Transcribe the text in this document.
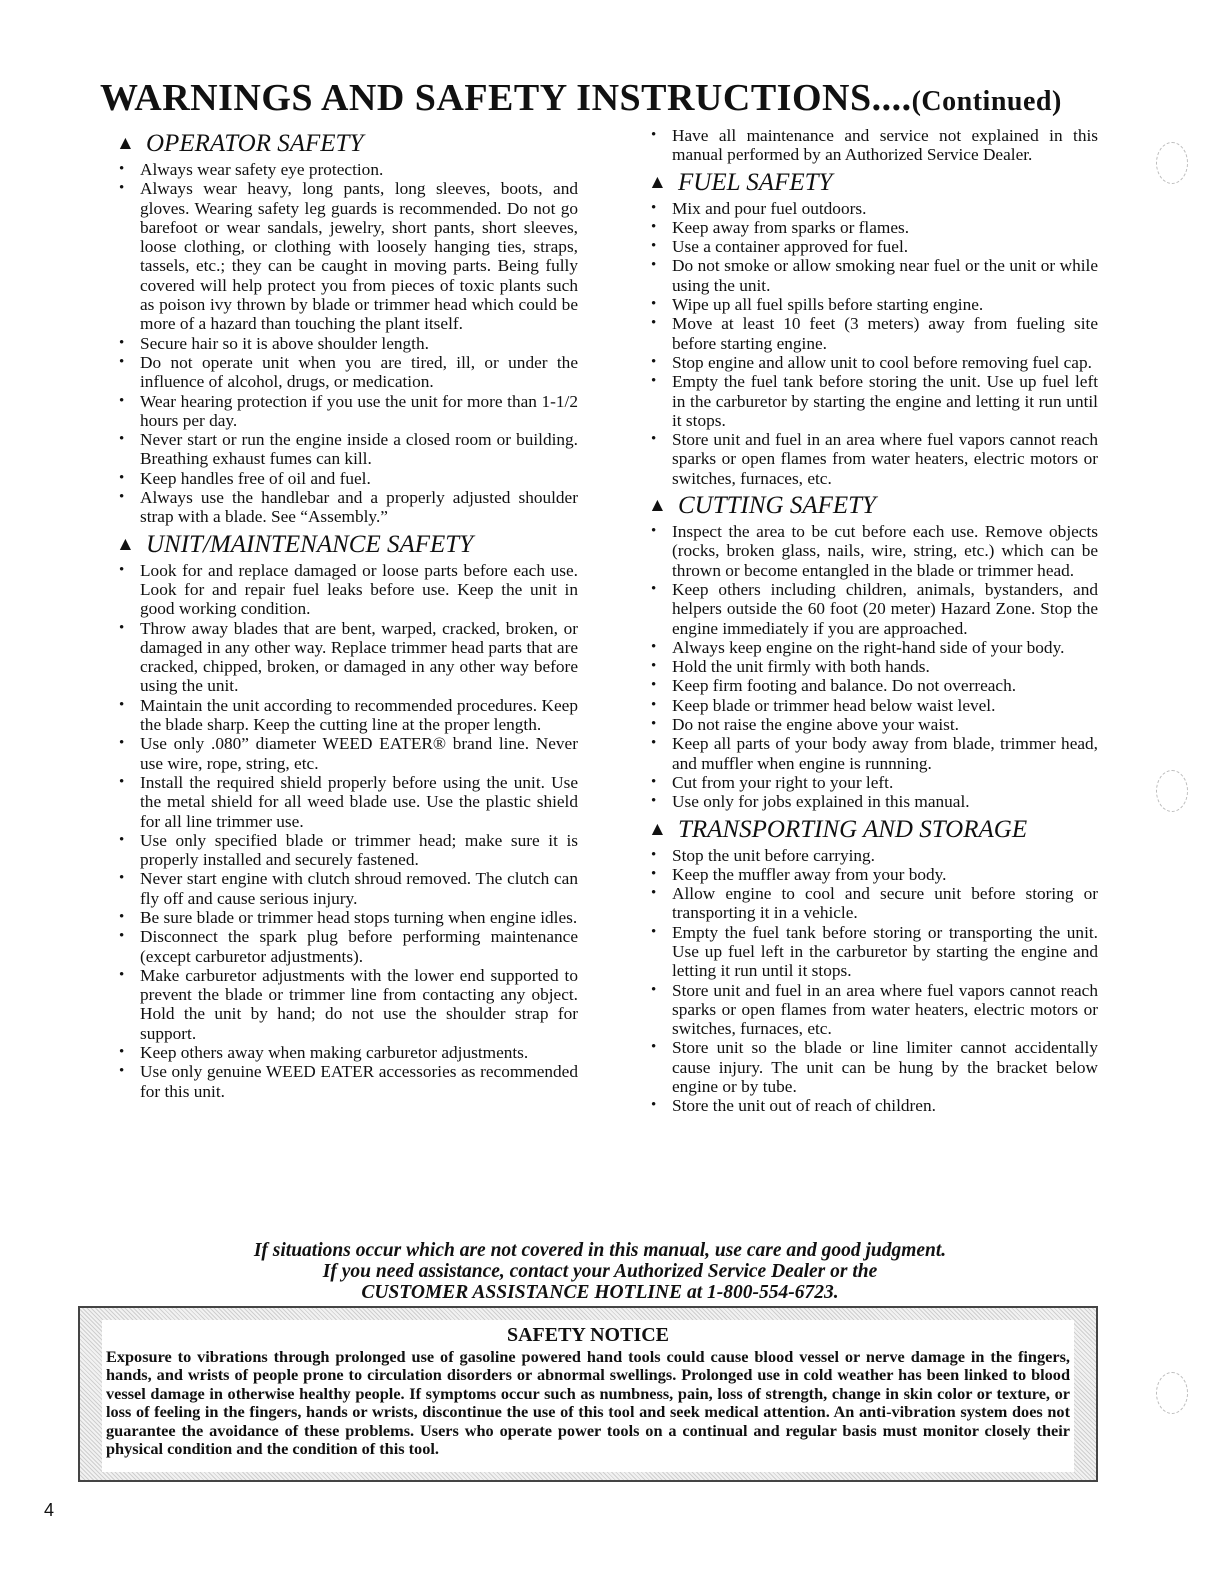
WARNINGS AND SAFETY INSTRUCTIONS....(Continued)
▲ OPERATOR SAFETY
• Always wear safety eye protection.
• Always wear heavy, long pants, long sleeves, boots, and gloves. Wearing safety leg guards is recommended. Do not go barefoot or wear sandals, jewelry, short pants, short sleeves, loose clothing, or clothing with loosely hanging ties, straps, tassels, etc.; they can be caught in moving parts. Being fully covered will help protect you from pieces of toxic plants such as poison ivy thrown by blade or trimmer head which could be more of a hazard than touching the plant itself.
• Secure hair so it is above shoulder length.
• Do not operate unit when you are tired, ill, or under the influence of alcohol, drugs, or medication.
• Wear hearing protection if you use the unit for more than 1-1/2 hours per day.
• Never start or run the engine inside a closed room or building. Breathing exhaust fumes can kill.
• Keep handles free of oil and fuel.
• Always use the handlebar and a properly adjusted shoulder strap with a blade. See “Assembly.”
▲ UNIT/MAINTENANCE SAFETY
• Look for and replace damaged or loose parts before each use. Look for and repair fuel leaks before use. Keep the unit in good working condition.
• Throw away blades that are bent, warped, cracked, broken, or damaged in any other way. Replace trimmer head parts that are cracked, chipped, broken, or damaged in any other way before using the unit.
• Maintain the unit according to recommended procedures. Keep the blade sharp. Keep the cutting line at the proper length.
• Use only .080” diameter WEED EATER® brand line. Never use wire, rope, string, etc.
• Install the required shield properly before using the unit. Use the metal shield for all weed blade use. Use the plastic shield for all line trimmer use.
• Use only specified blade or trimmer head; make sure it is properly installed and securely fastened.
• Never start engine with clutch shroud removed. The clutch can fly off and cause serious injury.
• Be sure blade or trimmer head stops turning when engine idles.
• Disconnect the spark plug before performing maintenance (except carburetor adjustments).
• Make carburetor adjustments with the lower end supported to prevent the blade or trimmer line from contacting any object. Hold the unit by hand; do not use the shoulder strap for support.
• Keep others away when making carburetor adjustments.
• Use only genuine WEED EATER accessories as recommended for this unit.
• Have all maintenance and service not explained in this manual performed by an Authorized Service Dealer.
▲ FUEL SAFETY
• Mix and pour fuel outdoors.
• Keep away from sparks or flames.
• Use a container approved for fuel.
• Do not smoke or allow smoking near fuel or the unit or while using the unit.
• Wipe up all fuel spills before starting engine.
• Move at least 10 feet (3 meters) away from fueling site before starting engine.
• Stop engine and allow unit to cool before removing fuel cap.
• Empty the fuel tank before storing the unit. Use up fuel left in the carburetor by starting the engine and letting it run until it stops.
• Store unit and fuel in an area where fuel vapors cannot reach sparks or open flames from water heaters, electric motors or switches, furnaces, etc.
▲ CUTTING SAFETY
• Inspect the area to be cut before each use. Remove objects (rocks, broken glass, nails, wire, string, etc.) which can be thrown or become entangled in the blade or trimmer head.
• Keep others including children, animals, bystanders, and helpers outside the 60 foot (20 meter) Hazard Zone. Stop the engine immediately if you are approached.
• Always keep engine on the right-hand side of your body.
• Hold the unit firmly with both hands.
• Keep firm footing and balance. Do not overreach.
• Keep blade or trimmer head below waist level.
• Do not raise the engine above your waist.
• Keep all parts of your body away from blade, trimmer head, and muffler when engine is runnning.
• Cut from your right to your left.
• Use only for jobs explained in this manual.
▲ TRANSPORTING AND STORAGE
• Stop the unit before carrying.
• Keep the muffler away from your body.
• Allow engine to cool and secure unit before storing or transporting it in a vehicle.
• Empty the fuel tank before storing or transporting the unit. Use up fuel left in the carburetor by starting the engine and letting it run until it stops.
• Store unit and fuel in an area where fuel vapors cannot reach sparks or open flames from water heaters, electric motors or switches, furnaces, etc.
• Store unit so the blade or line limiter cannot accidentally cause injury. The unit can be hung by the bracket below engine or by tube.
• Store the unit out of reach of children.
If situations occur which are not covered in this manual, use care and good judgment.
If you need assistance, contact your Authorized Service Dealer or the
CUSTOMER ASSISTANCE HOTLINE at 1-800-554-6723.
SAFETY NOTICE
Exposure to vibrations through prolonged use of gasoline powered hand tools could cause blood vessel or nerve damage in the fingers, hands, and wrists of people prone to circulation disorders or abnormal swellings. Prolonged use in cold weather has been linked to blood vessel damage in otherwise healthy people. If symptoms occur such as numbness, pain, loss of strength, change in skin color or texture, or loss of feeling in the fingers, hands or wrists, discontinue the use of this tool and seek medical attention. An anti-vibration system does not guarantee the avoidance of these problems. Users who operate power tools on a continual and regular basis must monitor closely their physical condition and the condition of this tool.
4
